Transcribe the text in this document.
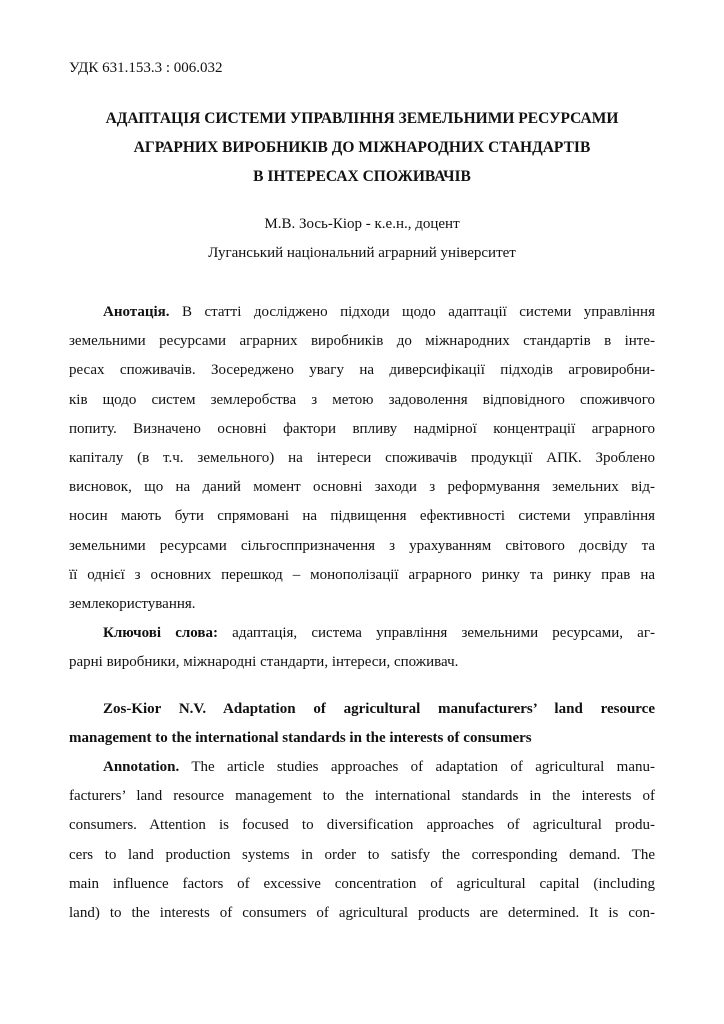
УДК 631.153.3 : 006.032
АДАПТАЦІЯ СИСТЕМИ УПРАВЛІННЯ ЗЕМЕЛЬНИМИ РЕСУРСАМИ
АГРАРНИХ ВИРОБНИКІВ ДО МІЖНАРОДНИХ СТАНДАРТІВ
В ІНТЕРЕСАХ СПОЖИВАЧІВ
М.В. Зось-Кіор - к.е.н., доцент
Луганський національний аграрний університет
Анотація. В статті досліджено підходи щодо адаптації системи управління
земельними ресурсами аграрних виробників до міжнародних стандартів в інте-
ресах споживачів. Зосереджено увагу на диверсифікації підходів агровиробни-
ків щодо систем землеробства з метою задоволення відповідного споживчого
попиту. Визначено основні фактори впливу надмірної концентрації аграрного
капіталу (в т.ч. земельного) на інтереси споживачів продукції АПК. Зроблено
висновок, що на даний момент основні заходи з реформування земельних від-
носин мають бути спрямовані на підвищення ефективності системи управління
земельними ресурсами сільгосппризначення з урахуванням світового досвіду та
її однієї з основних перешкод – монополізації аграрного ринку та ринку прав на
землекористування.
Ключові слова: адаптація, система управління земельними ресурсами, аг-
рарні виробники, міжнародні стандарти, інтереси, споживач.
Zos-Kior N.V. Adaptation of agricultural manufacturers’ land resource
management to the international standards in the interests of consumers
Annotation. The article studies approaches of adaptation of agricultural manu-
facturers’ land resource management to the international standards in the interests of
consumers. Attention is focused to diversification approaches of agricultural produ-
cers to land production systems in order to satisfy the corresponding demand. The
main influence factors of excessive concentration of agricultural capital (including
land) to the interests of consumers of agricultural products are determined. It is con-
